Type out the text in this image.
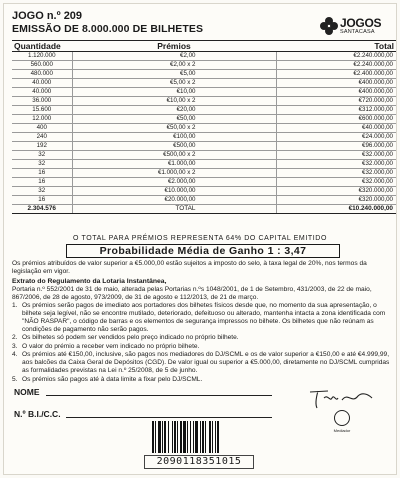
JOGO n.º 209
EMISSÃO DE 8.000.000 DE BILHETES	JOGOS
SANTACASA
Quantidade	Prémios	Total
1.120.000	€2,00	€2.240.000,00
560.000	€2,00 x 2	€2.240.000,00
480.000	€5,00	€2.400.000,00
40.000	€5,00 x 2	€400.000,00
40.000	€10,00	€400.000,00
36.000	€10,00 x 2	€720.000,00
15.600	€20,00	€312.000,00
12.000	€50,00	€600.000,00
400	€50,00 x 2	€40.000,00
240	€100,00	€24.000,00
192	€500,00	€96.000,00
32	€500,00 x 2	€32.000,00
32	€1.000,00	€32.000,00
16	€1.000,00 x 2	€32.000,00
16	€2.000,00	€32.000,00
32	€10.000,00	€320.000,00
16	€20.000,00	€320.000,00
2.304.576	TOTAL	€10.240.000,00
O TOTAL PARA PRÉMIOS REPRESENTA 64% DO CAPITAL EMITIDO
Probabilidade Média de Ganho 1 : 3,47
Os prémios atribuídos de valor superior a €5.000,00 estão sujeitos a imposto do selo, à taxa legal de 20%, nos termos da legislação em vigor.
Extrato do Regulamento da Lotaria Instantânea,
Portaria n.º 552/2001 de 31 de maio, alterada pelas Portarias n.ºs 1048/2001, de 1 de Setembro, 431/2003, de 22 de maio, 867/2006, de 28 de agosto, 973/2009, de 31 de agosto e 112/2013, de 21 de março.
1. Os prémios serão pagos de imediato aos portadores dos bilhetes físicos desde que, no momento da sua apresentação, o bilhete seja legível, não se encontre mutilado, deteriorado, defeituoso ou alterado, mantenha intacta a zona identificada com "NÃO RASPAR", o código de barras e os elementos de segurança impressos no bilhete. Os bilhetes que não reúnam as condições de pagamento não serão pagos.
2. Os bilhetes só podem ser vendidos pelo preço indicado no próprio bilhete.
3. O valor do prémio a receber vem indicado no próprio bilhete.
4. Os prémios até €150,00, inclusive, são pagos nos mediadores do DJ/SCML e os de valor superior a €150,00 e até €4.999,99, aos balcões da Caixa Geral de Depósitos (CGD). De valor igual ou superior a €5.000,00, diretamente no DJ/SCML cumpridas as formalidades previstas na Lei n.º 25/2008, de 5 de junho.
5. Os prémios são pagos até à data limite a fixar pelo DJ/SCML.
NOME
N.º B.I./C.C.
Mediador
2090118351015
